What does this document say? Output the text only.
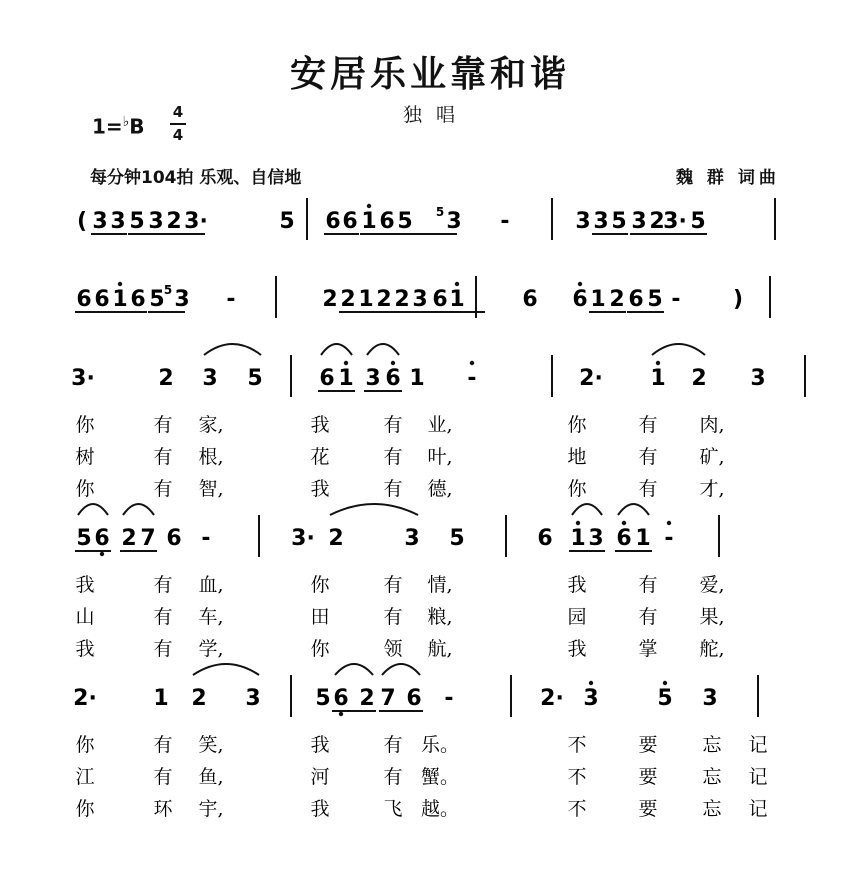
安居乐业靠和谐
独唱
1=♭B
4
4
每分钟104拍 乐观、自信地	魏 群 词曲
( 3 3 5 3 2 3·	5 6 6 1 6 5 5 3 -	3 3 5 3 2
3· 5
6 6 1 6 5 5 3 -	2 2 1 2 2 3 6 1	6 6 1 2 6 5 - )
3·	2 3 5	6 1 3 6 1 -	2· 1 2 3
你	有 家,	我	有 业,	你	有 肉,
树	有 根,	花	有 叶,	地	有 矿,
你	有 智,	我	有 德,	你	有 才,
5 6 2 7 6 -	3· 2	3 5	6 1 3 6 1 -
我	有 血,	你	有 情,	我	有 爱,
山	有 车,	田	有 粮,	园	有 果,
我	有 学,	你	领 航,	我	掌 舵,
2·	1 2 3 5 6 2 7 6 -	2· 3	5 3
你	有 笑,	我	有 乐。	不	要 忘 记
江	有 鱼,	河	有 蟹。	不	要 忘 记
你	环 宇,	我	飞 越。	不	要 忘 记
